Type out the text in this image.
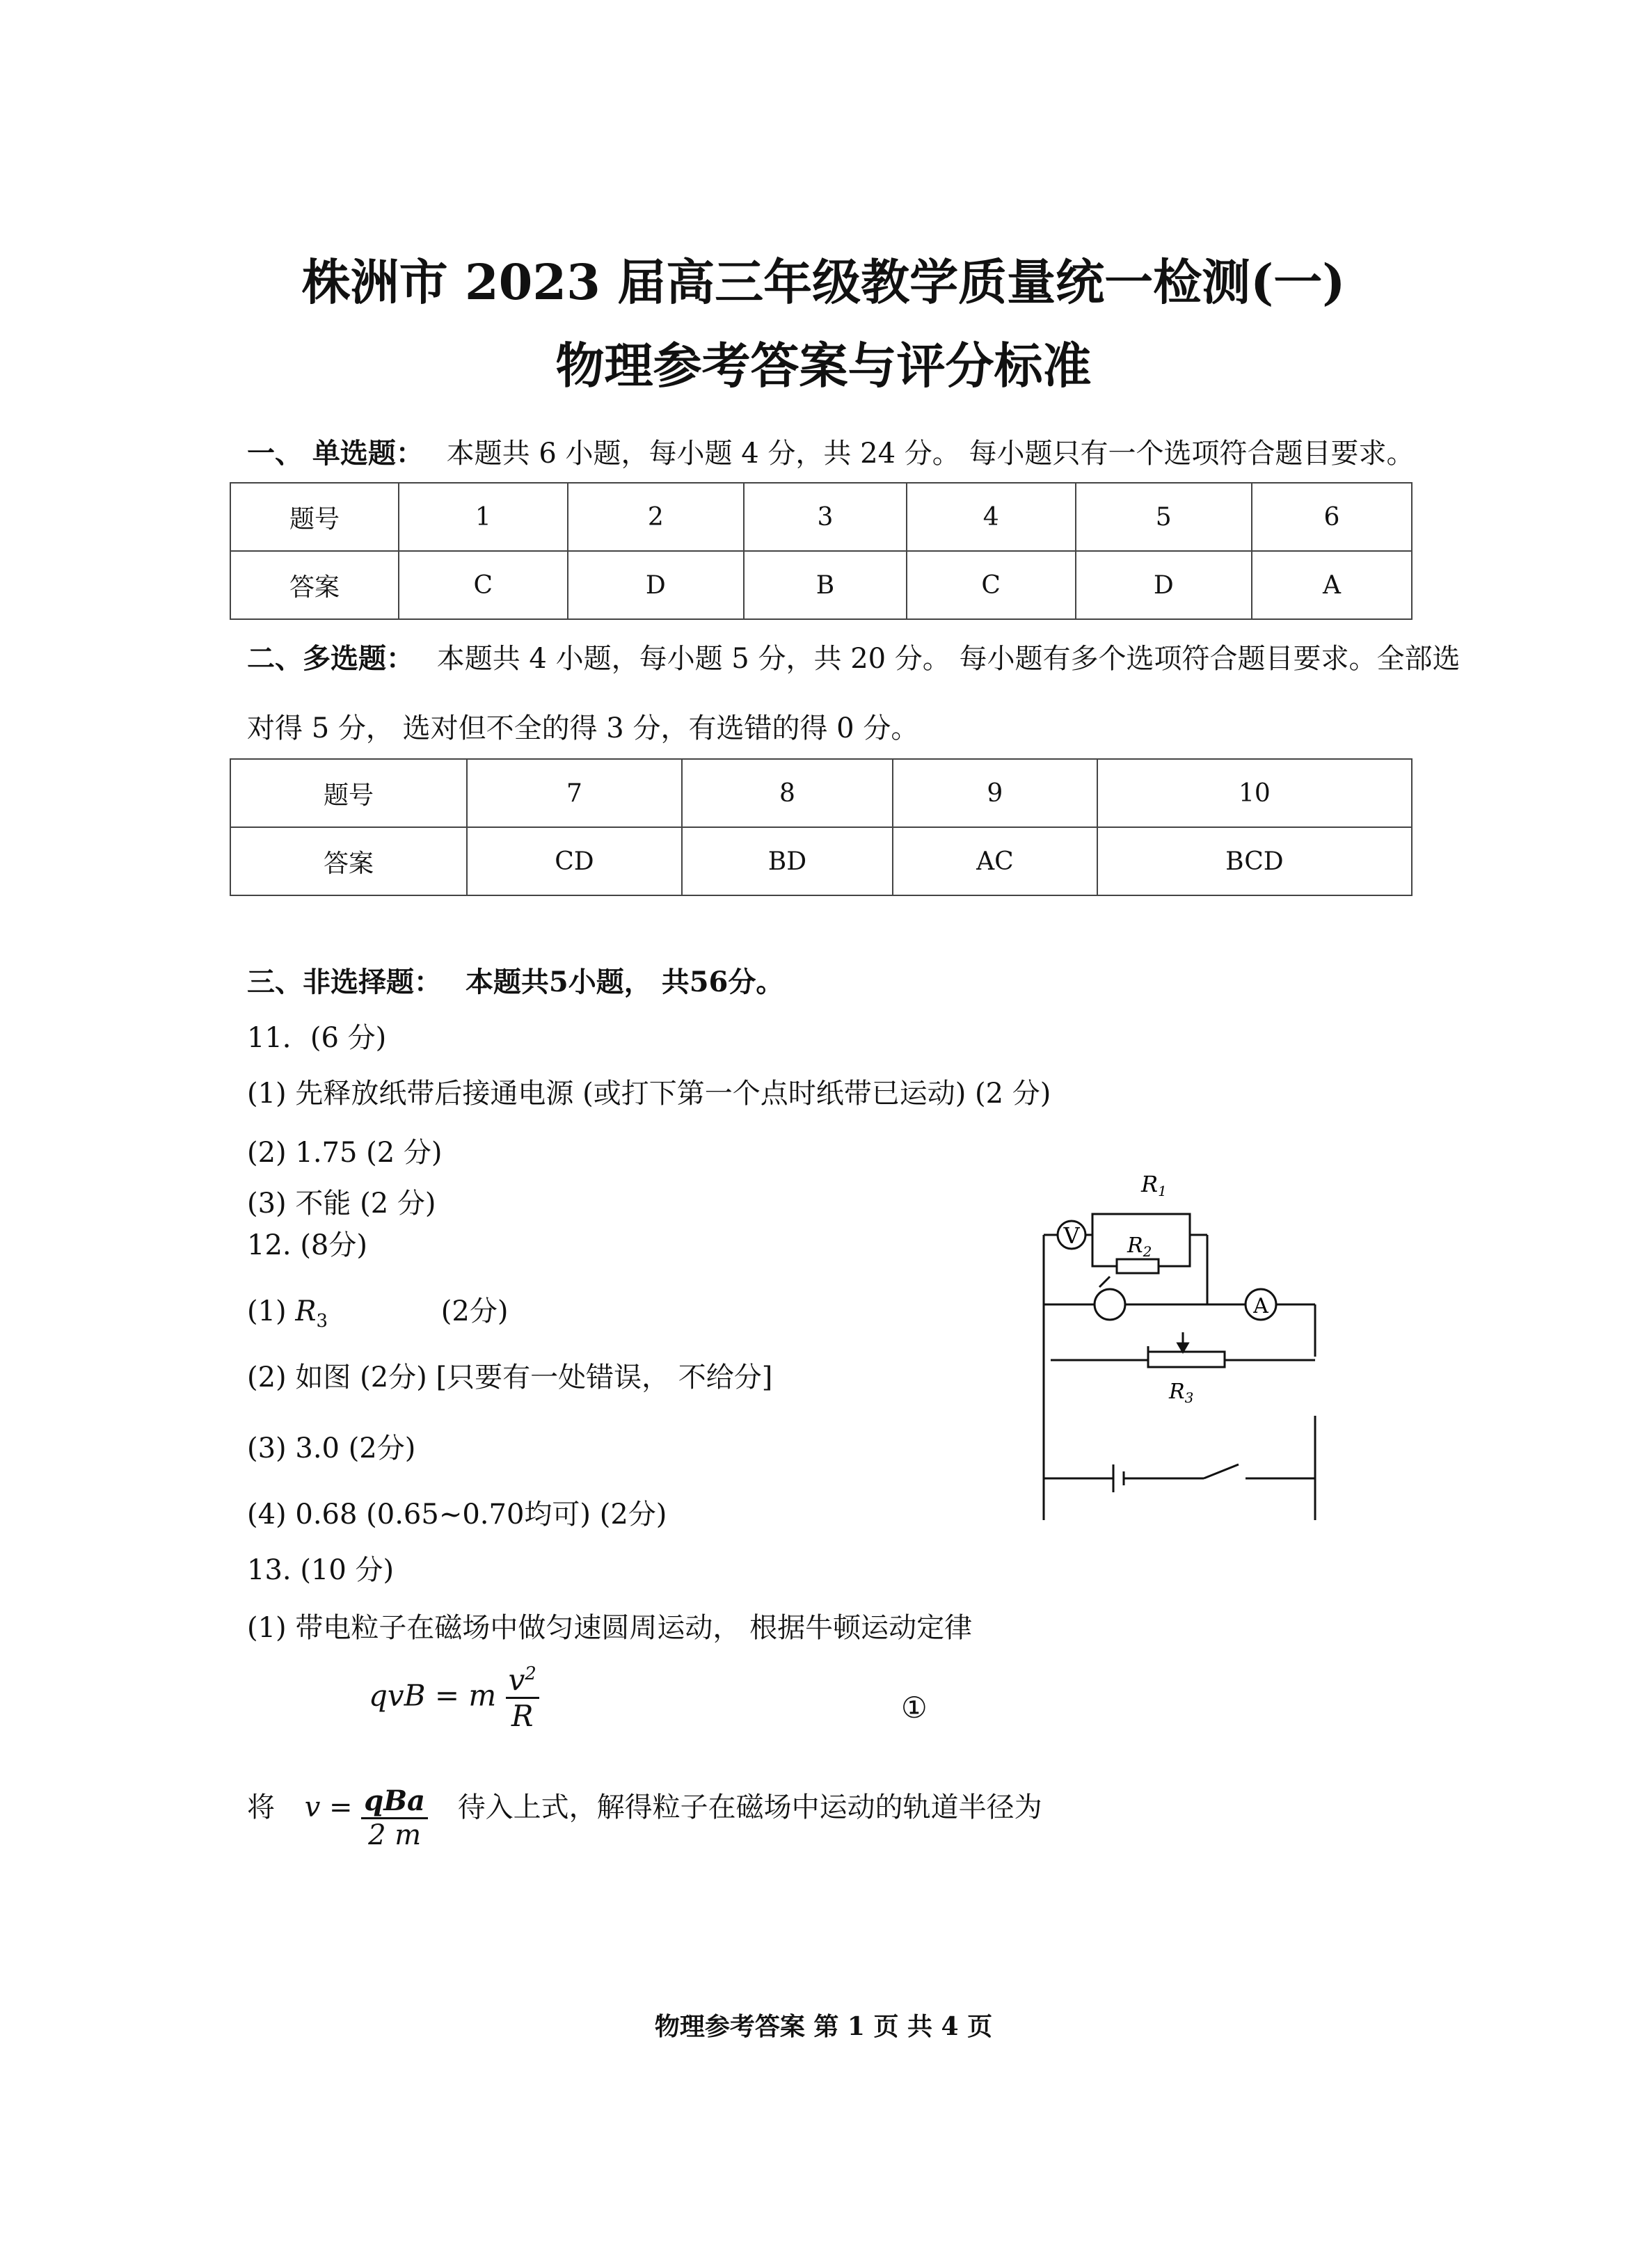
株洲市 2023 届高三年级教学质量统一检测(一)
物理参考答案与评分标准
一、 单选题： 本题共 6 小题，每小题 4 分，共 24 分。 每小题只有一个选项符合题目要求。
题号	1	2	3	4	5	6
答案	C	D	B	C	D	A
二、多选题： 本题共 4 小题，每小题 5 分，共 20 分。 每小题有多个选项符合题目要求。全部选
对得 5 分， 选对但不全的得 3 分，有选错的得 0 分。
题号	7	8	9	10
答案	CD	BD	AC	BCD
三、非选择题： 本题共5小题， 共56分。
11．(6 分)
(1) 先释放纸带后接通电源 (或打下第一个点时纸带已运动) (2 分)
(2) 1.75 (2 分)
(3) 不能 (2 分)
12. (8分)
(1) $R_3$	(2分)
(2) 如图 (2分) [只要有一处错误， 不给分]
(3) 3.0 (2分)
(4) 0.68 (0.65~0.70均可) (2分)
V
A
R1
$R_2$
$R_3$
13. (10 分)
(1) 带电粒子在磁场中做匀速圆周运动， 根据牛顿运动定律
qvB = m $\frac{v^2}{R}$	①
将 $v = \frac{\text{qBa}}{2 m}$ 待入上式，解得粒子在磁场中运动的轨道半径为
物理参考答案 第 1 页 共 4 页
